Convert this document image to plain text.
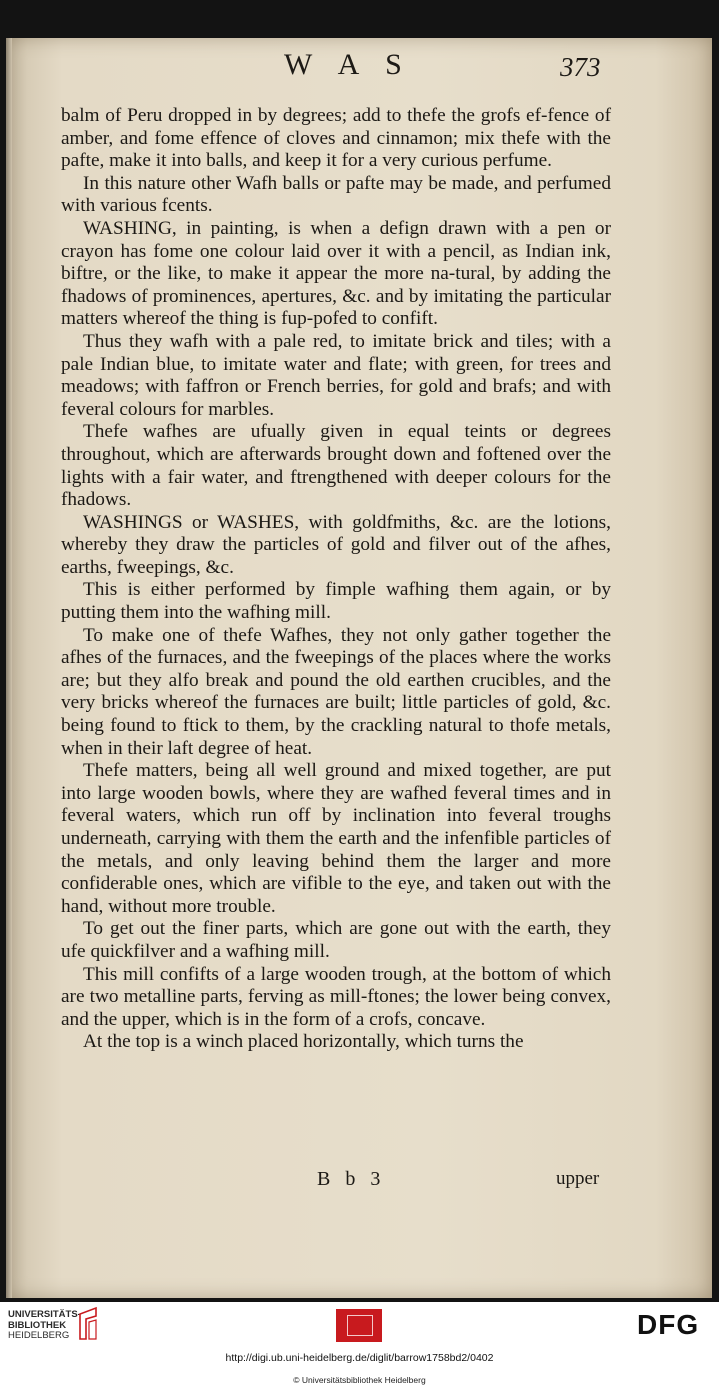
W A S	373

balm of Peru dropped in by degrees; add to thefe the grofs ef-fence of amber, and fome effence of cloves and cinnamon; mix thefe with the pafte, make it into balls, and keep it for a very curious perfume.

In this nature other Wafh balls or pafte may be made, and perfumed with various fcents.

WASHING, in painting, is when a defign drawn with a pen or crayon has fome one colour laid over it with a pencil, as Indian ink, biftre, or the like, to make it appear the more na-tural, by adding the fhadows of prominences, apertures, &c. and by imitating the particular matters whereof the thing is fup-pofed to confift.

Thus they wafh with a pale red, to imitate brick and tiles; with a pale Indian blue, to imitate water and flate; with green, for trees and meadows; with faffron or French berries, for gold and brafs; and with feveral colours for marbles.

Thefe wafhes are ufually given in equal teints or degrees throughout, which are afterwards brought down and foftened over the lights with a fair water, and ftrengthened with deeper colours for the fhadows.

WASHINGS or WASHES, with goldfmiths, &c. are the lotions, whereby they draw the particles of gold and filver out of the afhes, earths, fweepings, &c.

This is either performed by fimple wafhing them again, or by putting them into the wafhing mill.

To make one of thefe Wafhes, they not only gather together the afhes of the furnaces, and the fweepings of the places where the works are; but they alfo break and pound the old earthen crucibles, and the very bricks whereof the furnaces are built; little particles of gold, &c. being found to ftick to them, by the crackling natural to thofe metals, when in their laft degree of heat.

Thefe matters, being all well ground and mixed together, are put into large wooden bowls, where they are wafhed feveral times and in feveral waters, which run off by inclination into feveral troughs underneath, carrying with them the earth and the infenfible particles of the metals, and only leaving behind them the larger and more confiderable ones, which are vifible to the eye, and taken out with the hand, without more trouble.

To get out the finer parts, which are gone out with the earth, they ufe quickfilver and a wafhing mill.

This mill confifts of a large wooden trough, at the bottom of which are two metalline parts, ferving as mill-ftones; the lower being convex, and the upper, which is in the form of a crofs, concave.

At the top is a winch placed horizontally, which turns the

B b 3	upper
UNIVERSITÄTS-
BIBLIOTHEK
HEIDELBERG	DFG
http://digi.ub.uni-heidelberg.de/diglit/barrow1758bd2/0402
© Universitätsbibliothek Heidelberg
